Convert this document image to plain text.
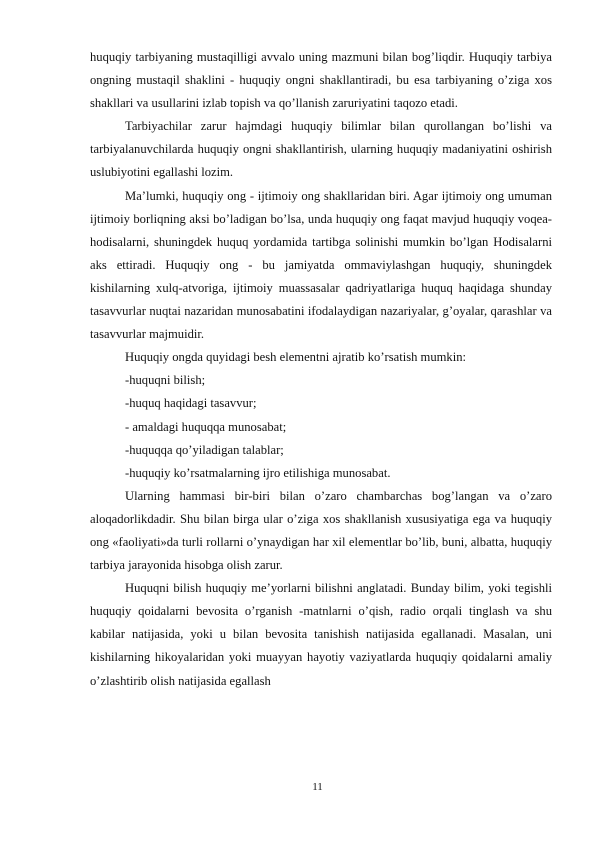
huquqiy tarbiyaning mustaqilligi avvalo uning mazmuni bilan bog’liqdir. Huquqiy tarbiya ongning mustaqil shaklini - huquqiy ongni shakllantiradi, bu esa tarbiyaning o’ziga xos shakllari va usullarini izlab topish va qo’llanish zaruriyatini taqozo etadi.

Tarbiyachilar zarur hajmdagi huquqiy bilimlar bilan qurollangan bo’lishi va tarbiyalanuvchilarda huquqiy ongni shakllantirish, ularning huquqiy madaniyatini oshirish uslubiyotini egallashi lozim.

Ma’lumki, huquqiy ong - ijtimoiy ong shakllaridan biri. Agar ijtimoiy ong umuman ijtimoiy borliqning aksi bo’ladigan bo’lsa, unda huquqiy ong faqat mavjud huquqiy voqea-hodisalarni, shuningdek huquq yordamida tartibga solinishi mumkin bo’lgan Hodisalarni aks ettiradi. Huquqiy ong - bu jamiyatda ommaviylashgan huquqiy, shuningdek kishilarning xulq-atvoriga, ijtimoiy muassasalar qadriyatlariga huquq haqidaga shunday tasavvurlar nuqtai nazaridan munosabatini ifodalaydigan nazariyalar, g’oyalar, qarashlar va tasavvurlar majmuidir.

Huquqiy ongda quyidagi besh elementni ajratib ko’rsatish mumkin:

-huquqni bilish;

-huquq haqidagi tasavvur;

- amaldagi huquqqa munosabat;

-huquqqa qo’yiladigan talablar;

-huquqiy ko’rsatmalarning ijro etilishiga munosabat.

Ularning hammasi bir-biri bilan o’zaro chambarchas bog’langan va o’zaro aloqadorlikdadir. Shu bilan birga ular o’ziga xos shakllanish xususiyatiga ega va huquqiy ong «faoliyati»da turli rollarni o’ynaydigan har xil elementlar bo’lib, buni, albatta, huquqiy tarbiya jarayonida hisobga olish zarur.

Huquqni bilish huquqiy me’yorlarni bilishni anglatadi. Bunday bilim, yoki tegishli huquqiy qoidalarni bevosita o’rganish -matnlarni o’qish, radio orqali tinglash va shu kabilar natijasida, yoki u bilan bevosita tanishish natijasida egallanadi. Masalan, uni kishilarning hikoyalaridan yoki muayyan hayotiy vaziyatlarda huquqiy qoidalarni amaliy o’zlashtirib olish natijasida egallash

11
